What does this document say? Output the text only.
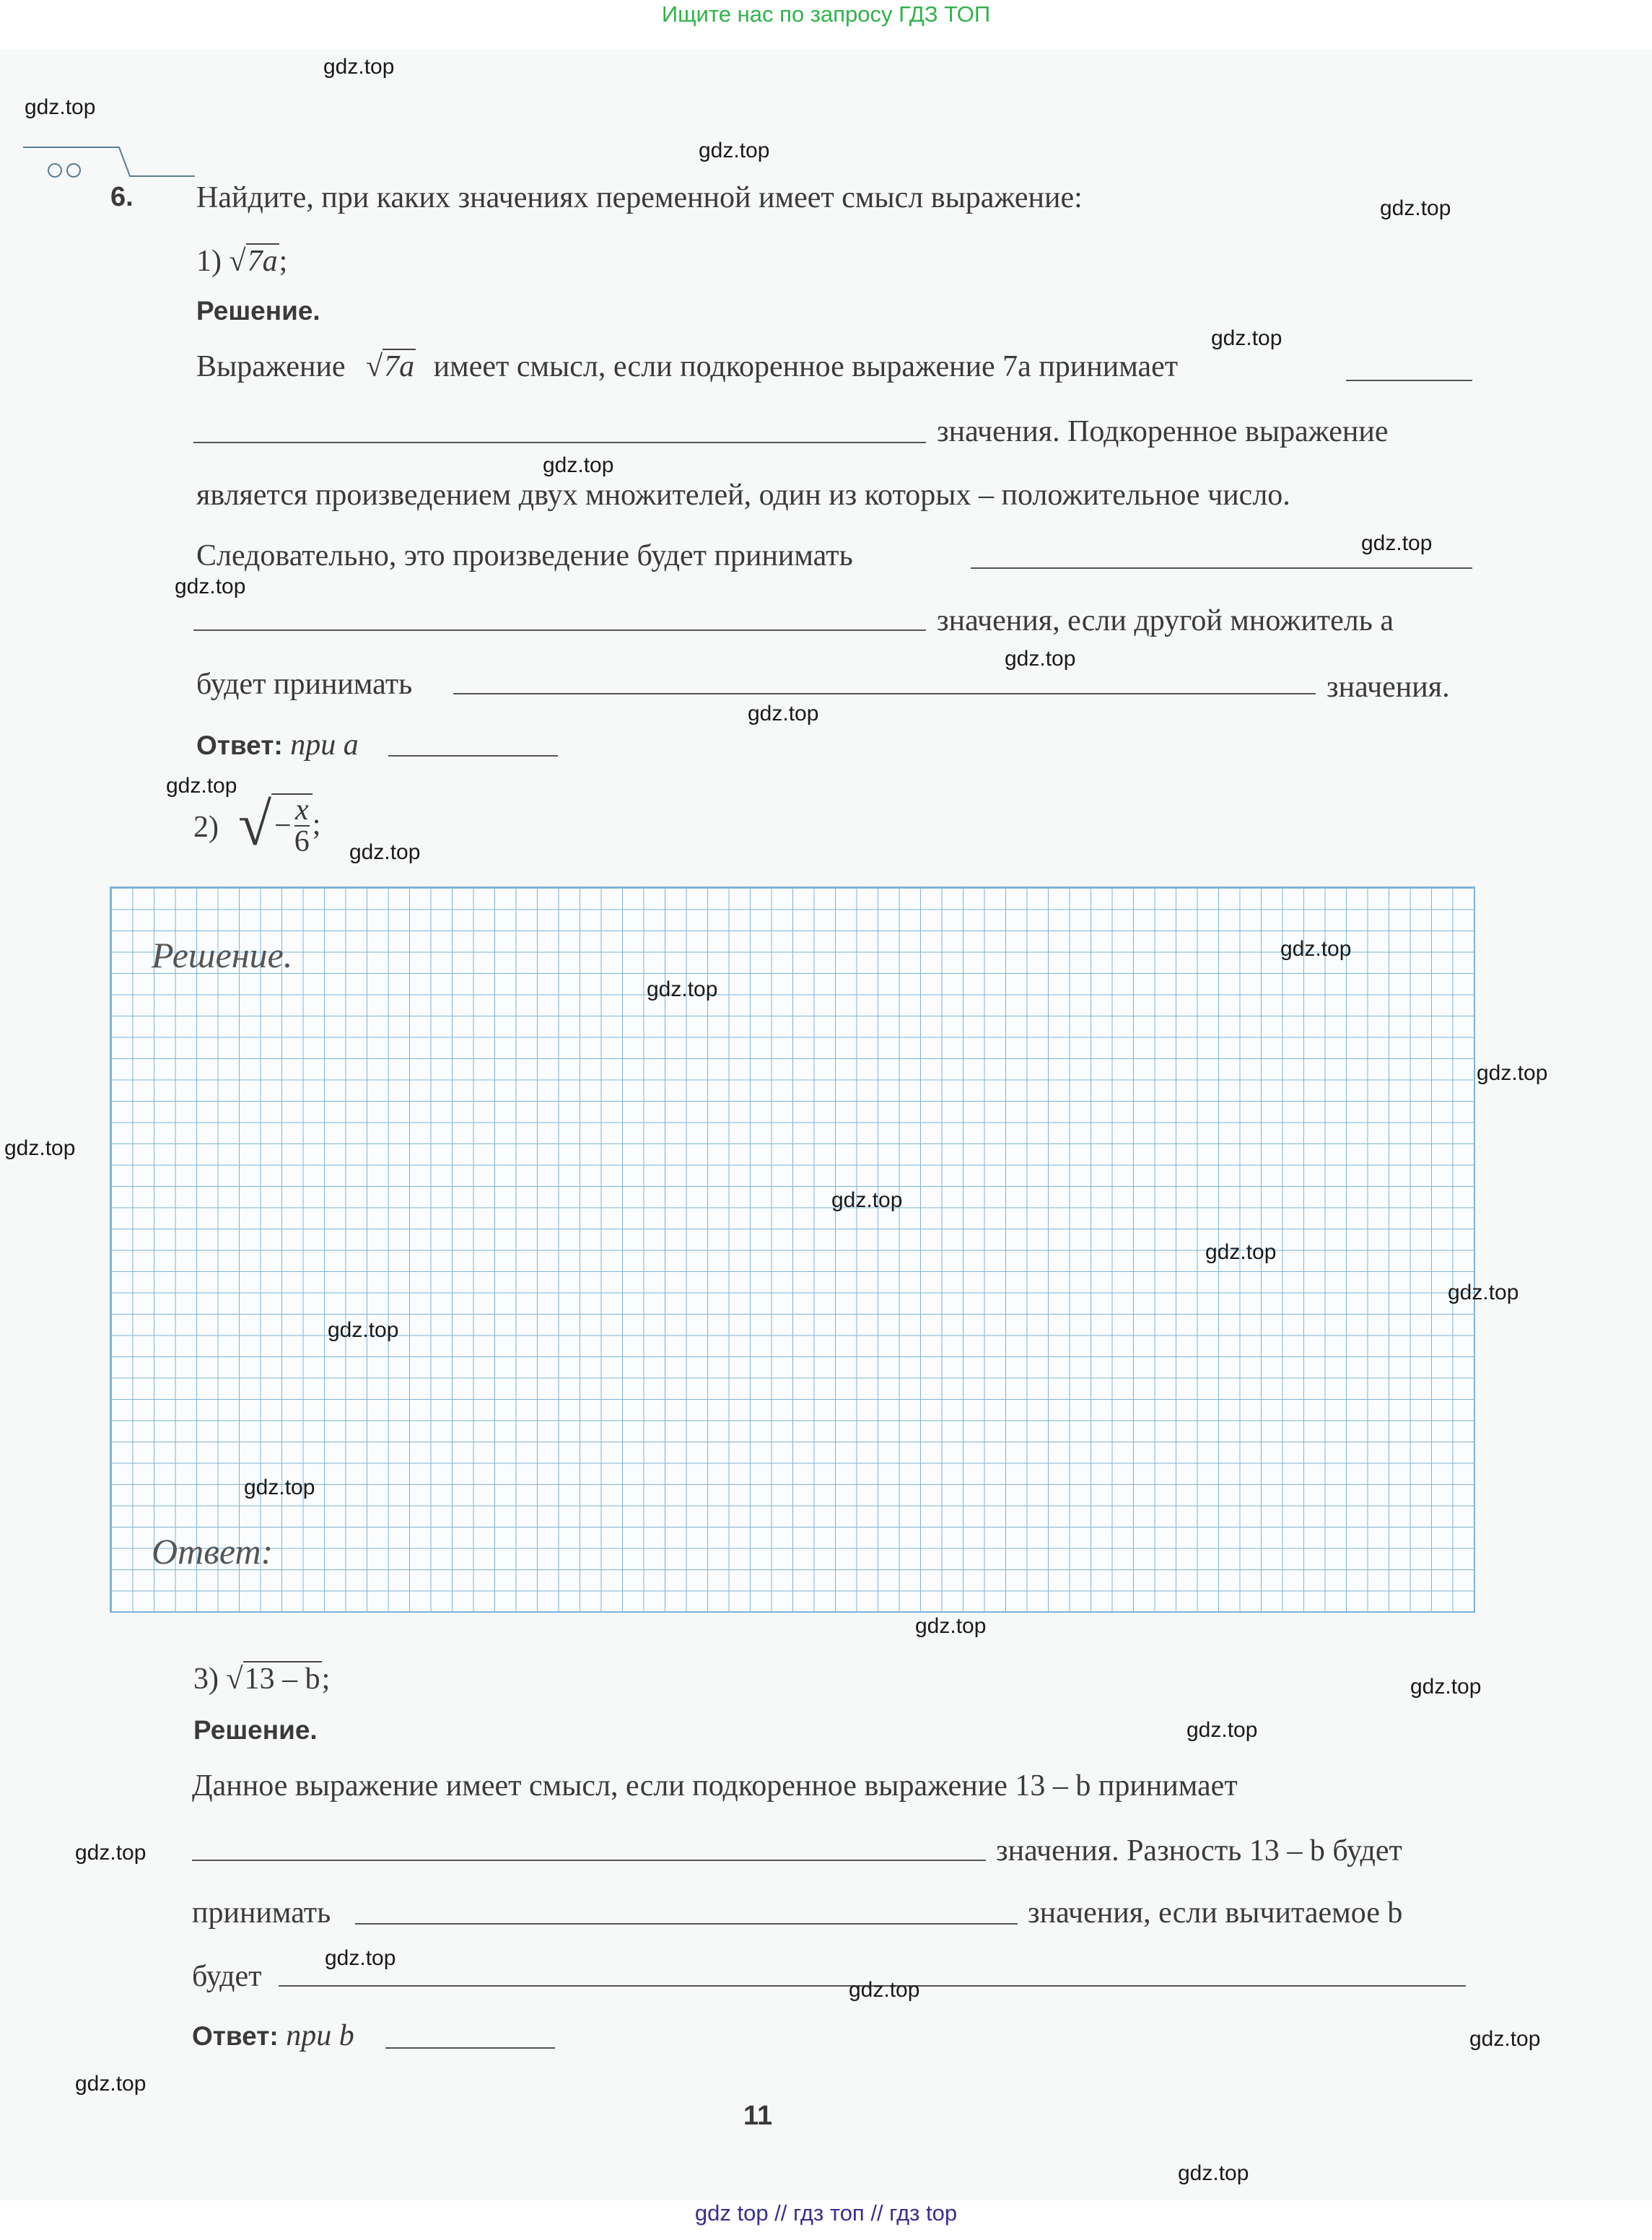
Ищите нас по запросу ГДЗ ТОП
6. Найдите, при каких значениях переменной имеет смысл выражение:
1) √7a;
Решение.
Выражение √7a имеет смысл, если подкоренное выражение 7a принимает
значения. Подкоренное выражение
является произведением двух множителей, один из которых – положительное число.
Следовательно, это произведение будет принимать
значения, если другой множитель a
будет принимать	значения.
Ответ: при a
2) √− $\frac{x}{6}$ ;
Решение.
Ответ:
3) √13 – b;
Решение.
Данное выражение имеет смысл, если подкоренное выражение 13 – b принимает
значения. Разность 13 – b будет
принимать	значения, если вычитаемое b
будет
Ответ: при b
11
gdz top // гдз топ // гдз top
gdz.top
gdz.top
gdz.top
gdz.top
gdz.top
gdz.top
gdz.top
gdz.top
gdz.top
gdz.top
gdz.top
gdz.top
gdz.top
gdz.top
gdz.top
gdz.top
gdz.top
gdz.top
gdz.top
gdz.top
gdz.top
gdz.top
gdz.top
gdz.top
gdz.top
gdz.top
gdz.top
gdz.top
gdz.top
gdz.top
